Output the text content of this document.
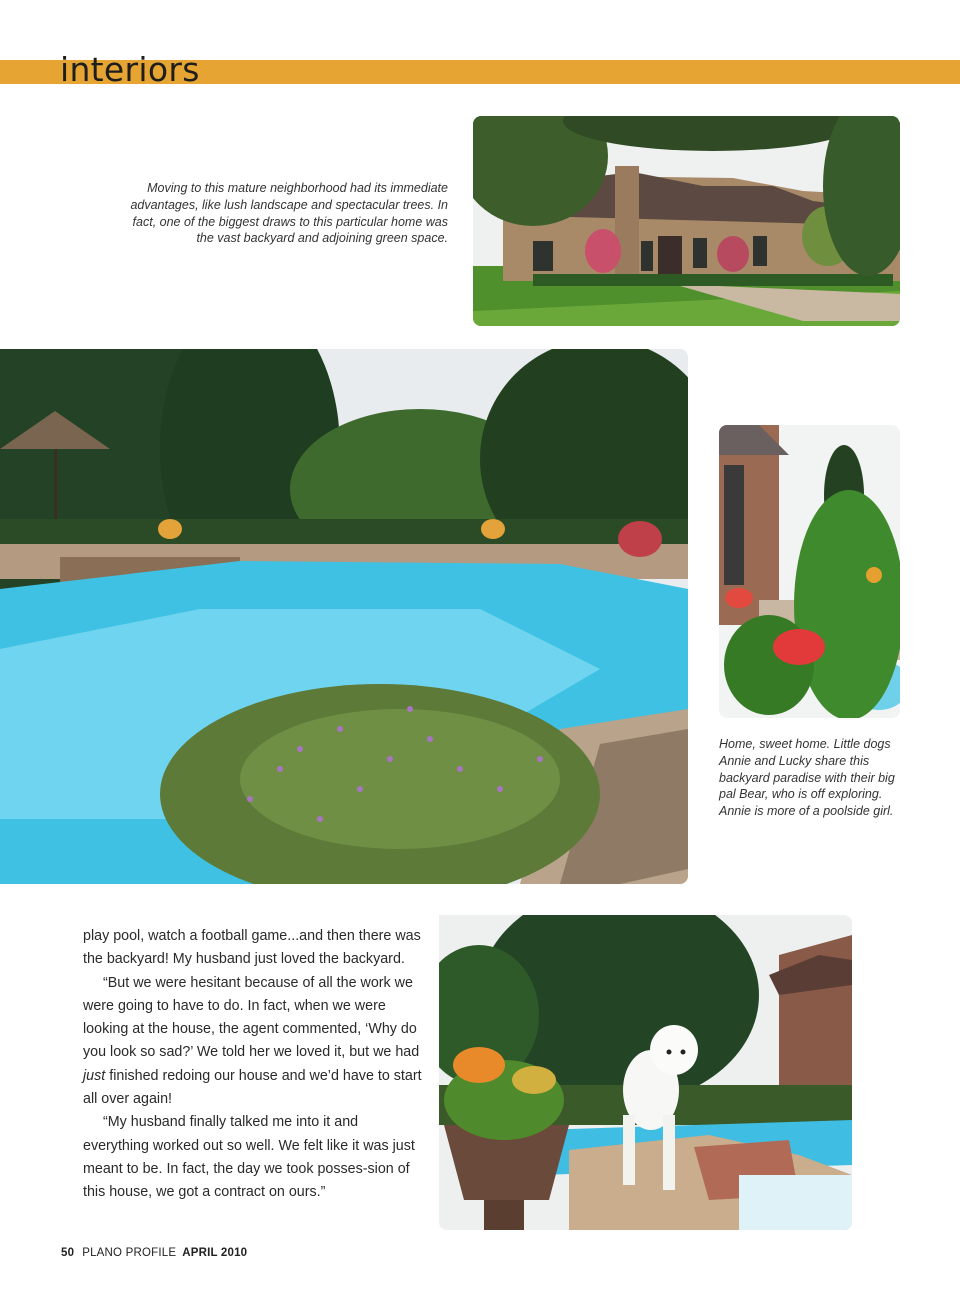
interiors

Moving to this mature neighborhood had its immediate advantages, like lush landscape and spectacular trees. In fact, one of the biggest draws to this particular home was the vast backyard and adjoining green space.

Home, sweet home. Little dogs Annie and Lucky share this backyard paradise with their big pal Bear, who is off exploring. Annie is more of a poolside girl.

play pool, watch a football game...and then there was the backyard! My husband just loved the backyard.

“But we were hesitant because of all the work we were going to have to do. In fact, when we were looking at the house, the agent commented, ‘Why do you look so sad?’ We told her we loved it, but we had just finished redoing our house and we’d have to start all over again!

“My husband finally talked me into it and everything worked out so well. We felt like it was just meant to be. In fact, the day we took posses-sion of this house, we got a contract on ours.”

50 PLANO PROFILE APRIL 2010
